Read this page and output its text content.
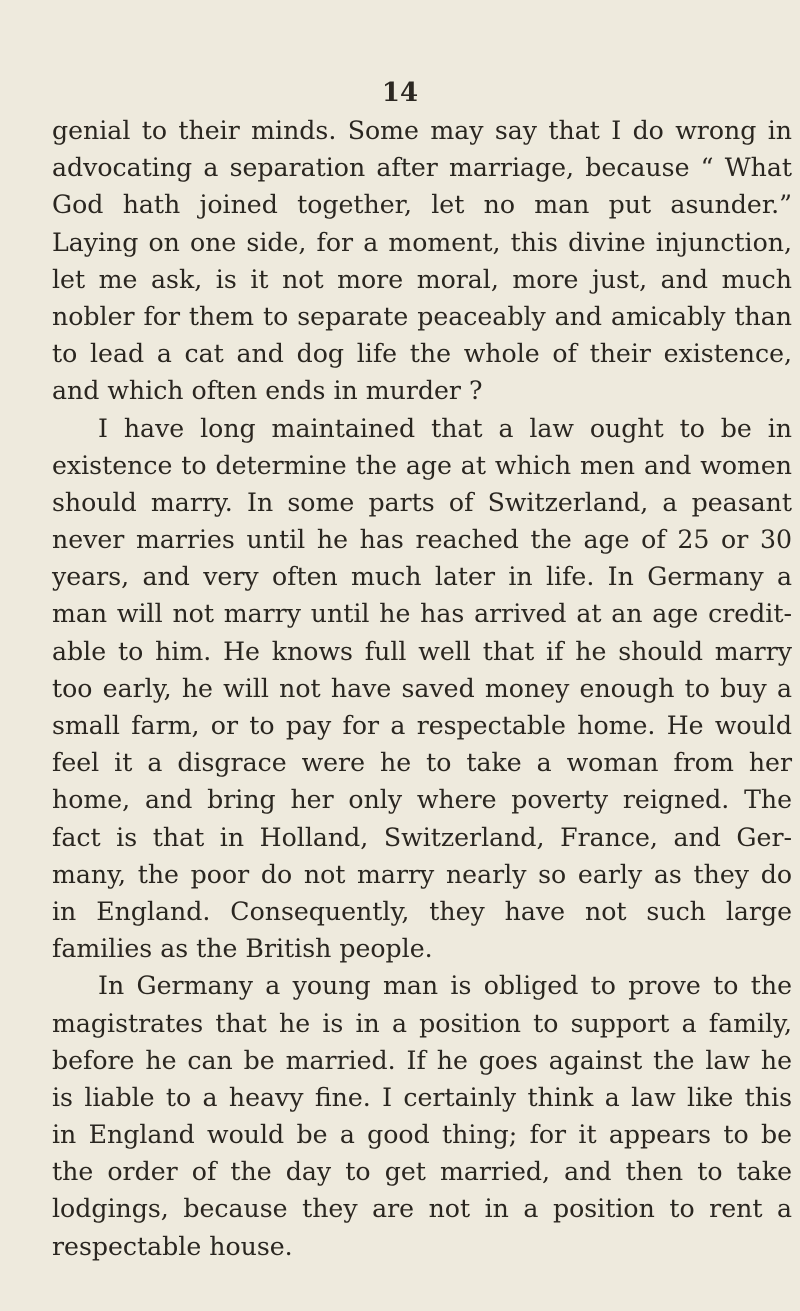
14
genial to their minds. Some may say that I do wrong in
advocating a separation after marriage, because “ What
God hath joined together, let no man put asunder.”
Laying on one side, for a moment, this divine injunction,
let me ask, is it not more moral, more just, and much
nobler for them to separate peaceably and amicably than
to lead a cat and dog life the whole of their existence,
and which often ends in murder ?
I have long maintained that a law ought to be in
existence to determine the age at which men and women
should marry. In some parts of Switzerland, a peasant
never marries until he has reached the age of 25 or 30
years, and very often much later in life. In Germany a
man will not marry until he has arrived at an age credit-
able to him. He knows full well that if he should marry
too early, he will not have saved money enough to buy a
small farm, or to pay for a respectable home. He would
feel it a disgrace were he to take a woman from her
home, and bring her only where poverty reigned. The
fact is that in Holland, Switzerland, France, and Ger-
many, the poor do not marry nearly so early as they do
in England. Consequently, they have not such large
families as the British people.
In Germany a young man is obliged to prove to the
magistrates that he is in a position to support a family,
before he can be married. If he goes against the law he
is liable to a heavy fine. I certainly think a law like this
in England would be a good thing; for it appears to be
the order of the day to get married, and then to take
lodgings, because they are not in a position to rent a
respectable house.
